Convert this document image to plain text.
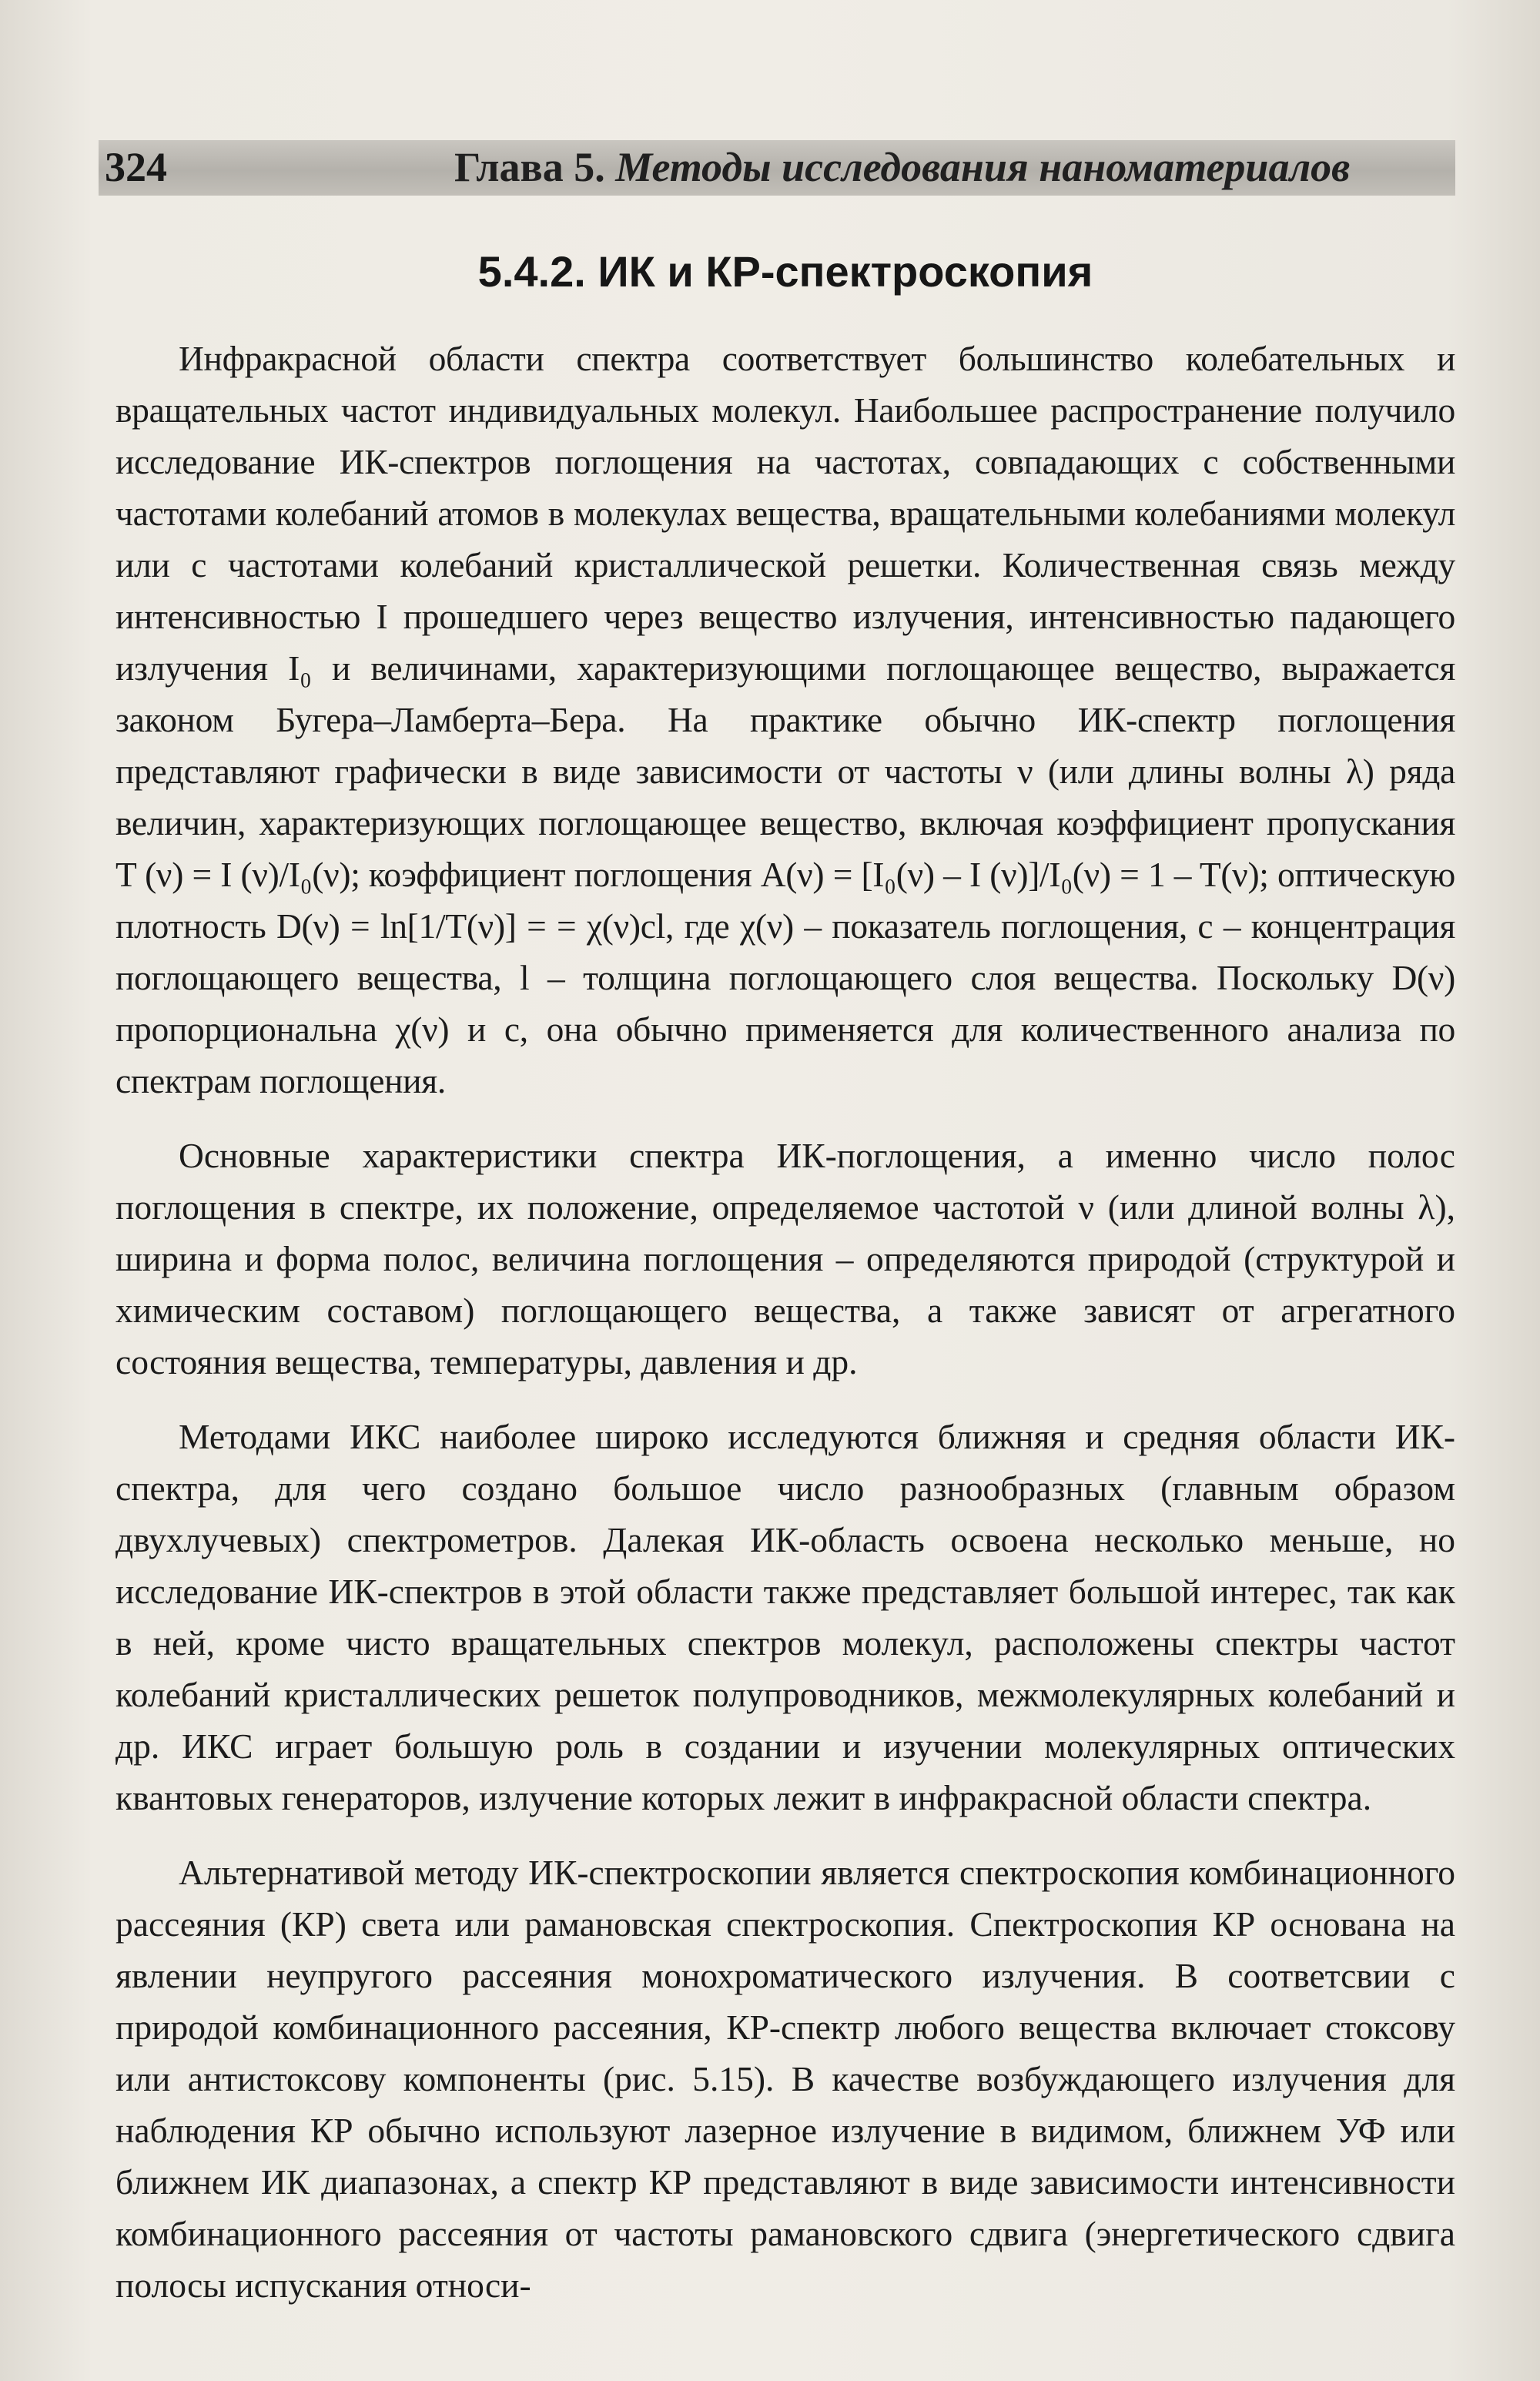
324	Глава 5. Методы исследования наноматериалов
5.4.2. ИК и КР-спектроскопия

Инфракрасной области спектра соответствует большинство колебательных и вращательных частот индивидуальных молекул. Наибольшее распространение получило исследование ИК-спектров поглощения на частотах, совпадающих с собственными частотами колебаний атомов в молекулах вещества, вращательными колебаниями молекул или с частотами колебаний кристаллической решетки. Количественная связь между интенсивностью I прошедшего через вещество излучения, интенсивностью падающего излучения I₀ и величинами, характеризующими поглощающее вещество, выражается законом Бугера–Ламберта–Бера. На практике обычно ИК-спектр поглощения представляют графически в виде зависимости от частоты ν (или длины волны λ) ряда величин, характеризующих поглощающее вещество, включая коэффициент пропускания T (ν) = I (ν)/I₀(ν); коэффициент поглощения A(ν) = [I₀(ν) – I (ν)]/I₀(ν) = 1 – T(ν); оптическую плотность D(ν) = ln[1/T(ν)] = = χ(ν)cl, где χ(ν) – показатель поглощения, c – концентрация поглощающего вещества, l – толщина поглощающего слоя вещества. Поскольку D(ν) пропорциональна χ(ν) и c, она обычно применяется для количественного анализа по спектрам поглощения.

Основные характеристики спектра ИК-поглощения, а именно число полос поглощения в спектре, их положение, определяемое частотой ν (или длиной волны λ), ширина и форма полос, величина поглощения – определяются природой (структурой и химическим составом) поглощающего вещества, а также зависят от агрегатного состояния вещества, температуры, давления и др.

Методами ИКС наиболее широко исследуются ближняя и средняя области ИК-спектра, для чего создано большое число разнообразных (главным образом двухлучевых) спектрометров. Далекая ИК-область освоена несколько меньше, но исследование ИК-спектров в этой области также представляет большой интерес, так как в ней, кроме чисто вращательных спектров молекул, расположены спектры частот колебаний кристаллических решеток полупроводников, межмолекулярных колебаний и др. ИКС играет большую роль в создании и изучении молекулярных оптических квантовых генераторов, излучение которых лежит в инфракрасной области спектра.

Альтернативой методу ИК-спектроскопии является спектроскопия комбинационного рассеяния (КР) света или рамановская спектроскопия. Спектроскопия КР основана на явлении неупругого рассеяния монохроматического излучения. В соответсвии с природой комбинационного рассеяния, КР-спектр любого вещества включает стоксову или антистоксову компоненты (рис. 5.15). В качестве возбуждающего излучения для наблюдения КР обычно используют лазерное излучение в видимом, ближнем УФ или ближнем ИК диапазонах, а спектр КР представляют в виде зависимости интенсивности комбинационного рассеяния от частоты рамановского сдвига (энергетического сдвига полосы испускания относи-
